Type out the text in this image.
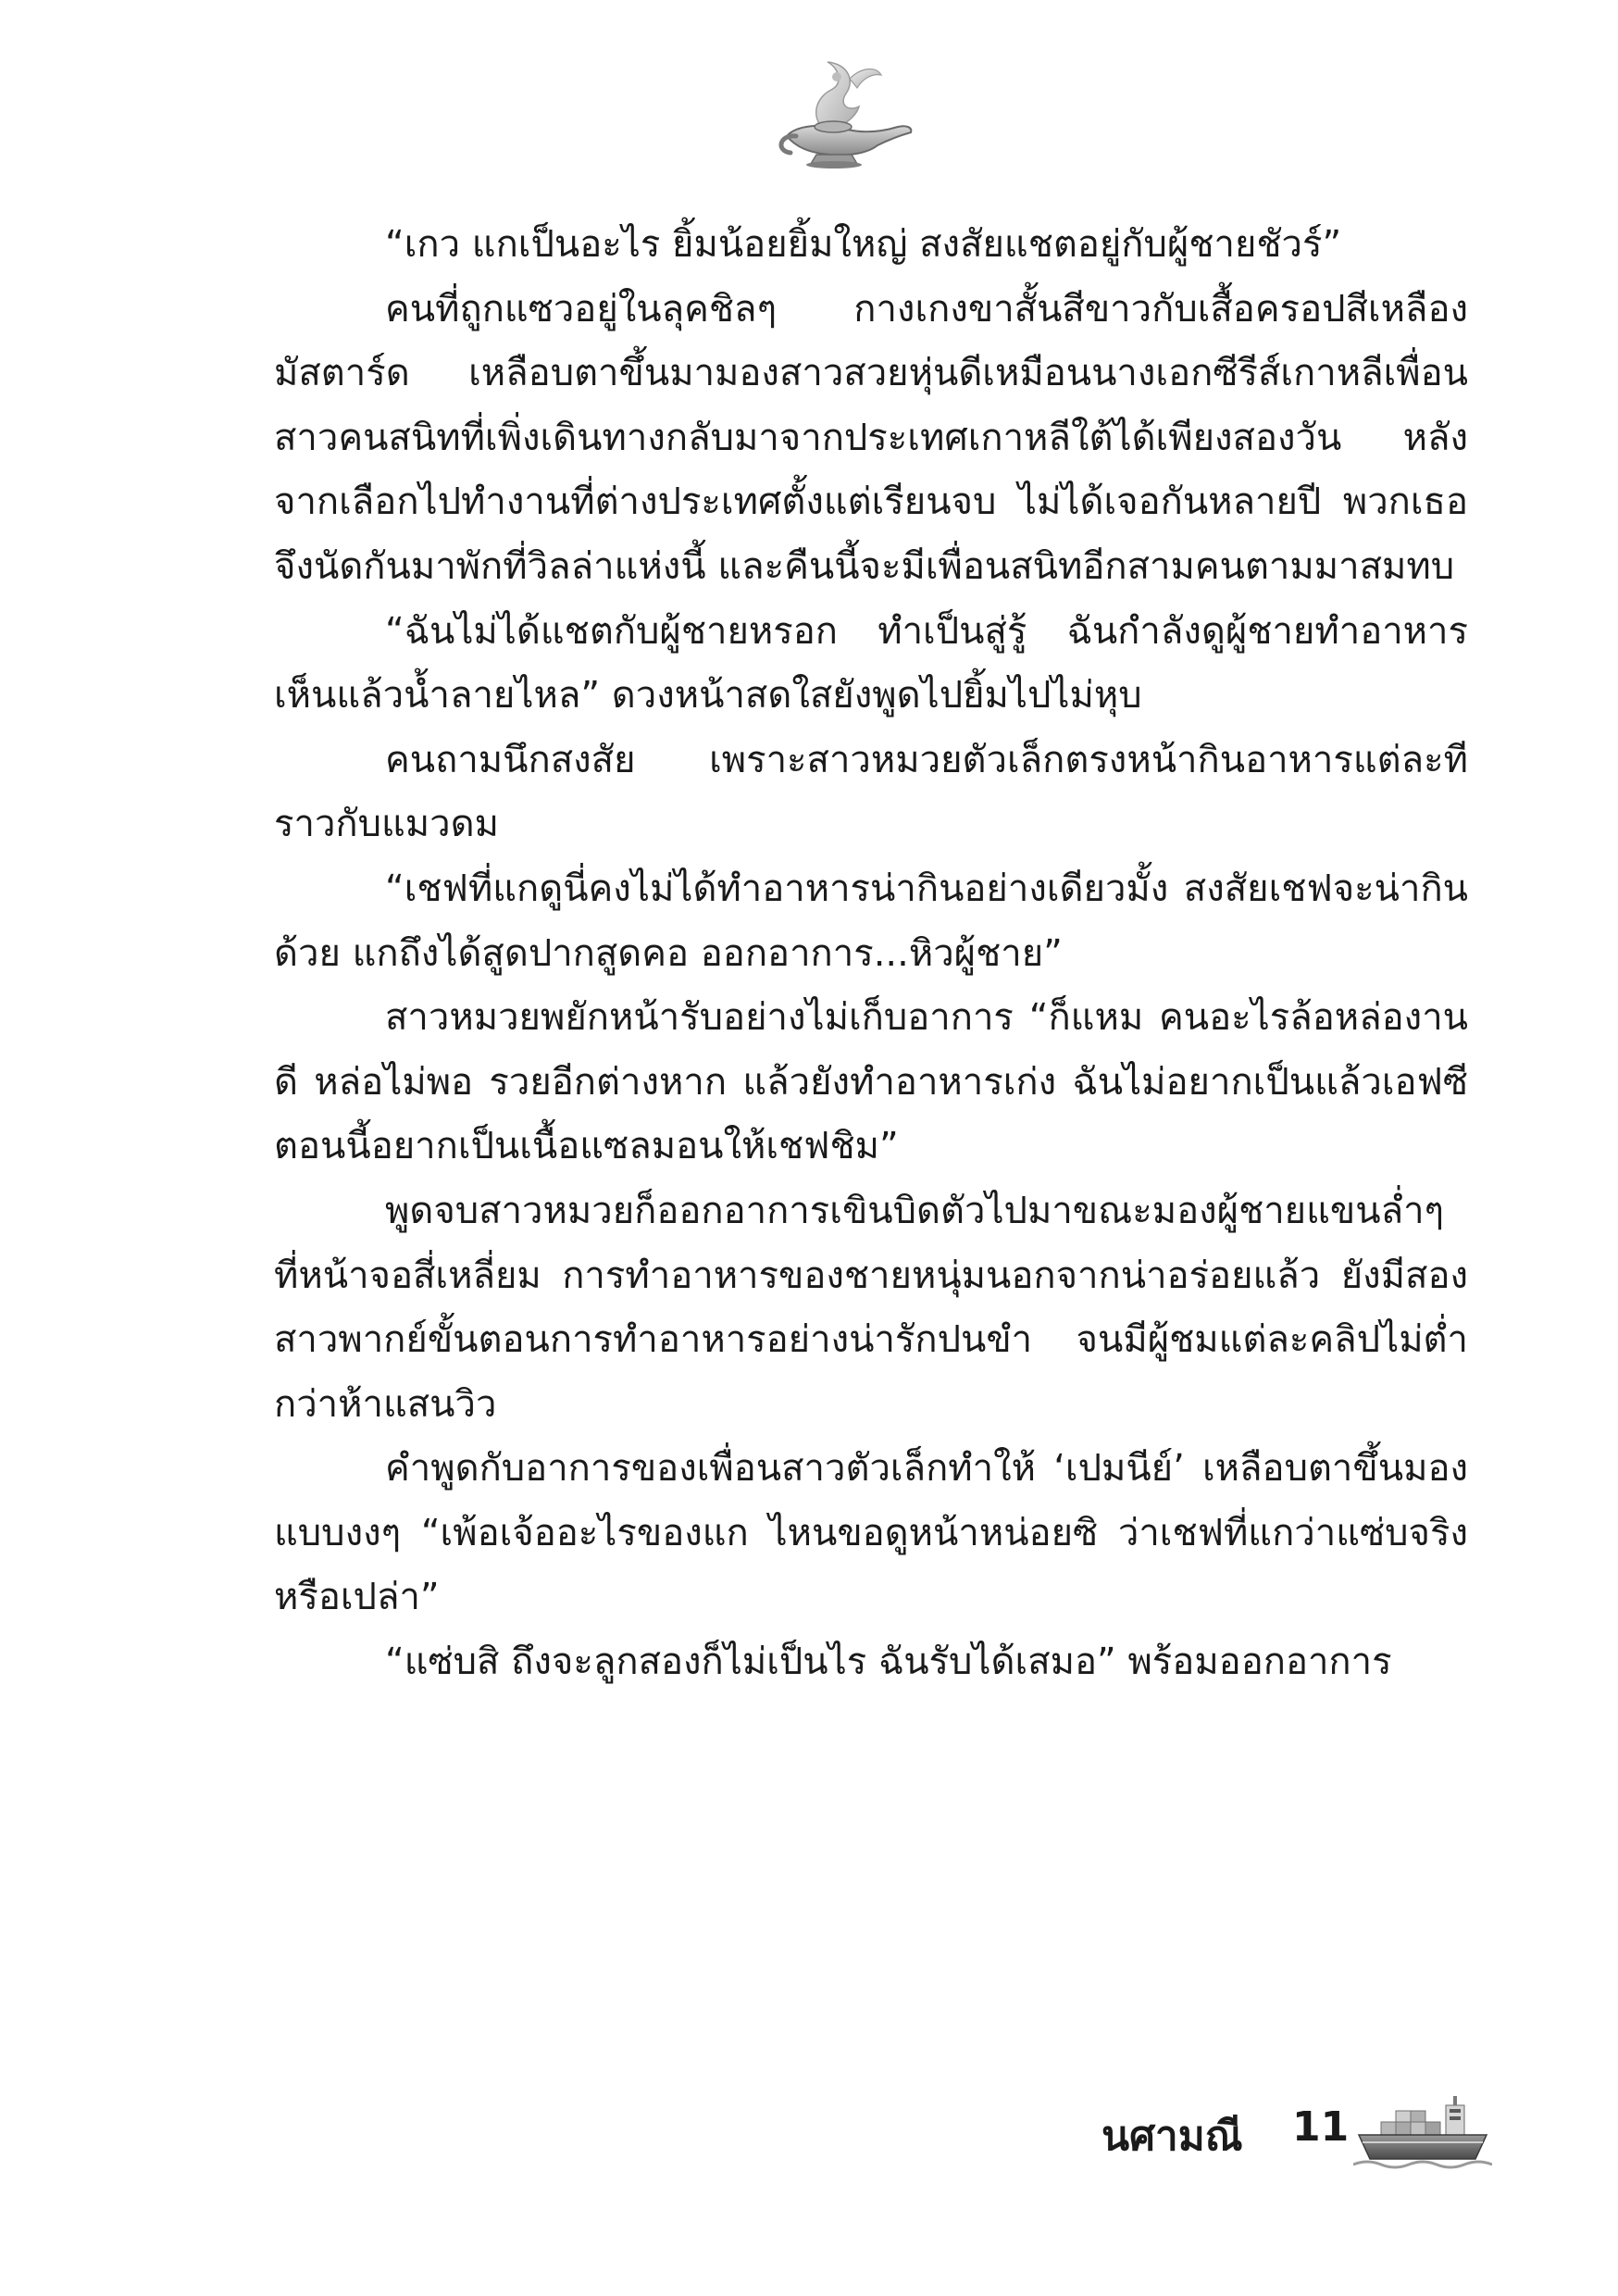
“เกว แกเป็นอะไร ยิ้มน้อยยิ้มใหญ่ สงสัยแชตอยู่กับผู้ชายชัวร์”

คนที่ถูกแซวอยู่ในลุคชิลๆ กางเกงขาสั้นสีขาวกับเสื้อครอปสีเหลืองมัสตาร์ด เหลือบตาขึ้นมามองสาวสวยหุ่นดีเหมือนนางเอกซีรีส์เกาหลีเพื่อนสาวคนสนิทที่เพิ่งเดินทางกลับมาจากประเทศเกาหลีใต้ได้เพียงสองวัน หลังจากเลือกไปทำงานที่ต่างประเทศตั้งแต่เรียนจบ ไม่ได้เจอกันหลายปี พวกเธอจึงนัดกันมาพักที่วิลล่าแห่งนี้ และคืนนี้จะมีเพื่อนสนิทอีกสามคนตามมาสมทบ

“ฉันไม่ได้แชตกับผู้ชายหรอก ทำเป็นสู่รู้ ฉันกำลังดูผู้ชายทำอาหาร เห็นแล้วน้ำลายไหล” ดวงหน้าสดใสยังพูดไปยิ้มไปไม่หุบ

คนถามนึกสงสัย เพราะสาวหมวยตัวเล็กตรงหน้ากินอาหารแต่ละทีราวกับแมวดม

“เชฟที่แกดูนี่คงไม่ได้ทำอาหารน่ากินอย่างเดียวมั้ง สงสัยเชฟจะน่ากินด้วย แกถึงได้สูดปากสูดคอ ออกอาการ...หิวผู้ชาย”

สาวหมวยพยักหน้ารับอย่างไม่เก็บอาการ “ก็แหม คนอะไรล้อหล่องานดี หล่อไม่พอ รวยอีกต่างหาก แล้วยังทำอาหารเก่ง ฉันไม่อยากเป็นแล้วเอฟซี ตอนนี้อยากเป็นเนื้อแซลมอนให้เชฟชิม”

พูดจบสาวหมวยก็ออกอาการเขินบิดตัวไปมาขณะมองผู้ชายแขนล่ำๆ ที่หน้าจอสี่เหลี่ยม การทำอาหารของชายหนุ่มนอกจากน่าอร่อยแล้ว ยังมีสองสาวพากย์ขั้นตอนการทำอาหารอย่างน่ารักปนขำ จนมีผู้ชมแต่ละคลิปไม่ต่ำกว่าห้าแสนวิว

คำพูดกับอาการของเพื่อนสาวตัวเล็กทำให้ ‘เปมนีย์’ เหลือบตาขึ้นมองแบบงงๆ “เพ้อเจ้ออะไรของแก ไหนขอดูหน้าหน่อยซิ ว่าเชฟที่แกว่าแซ่บจริงหรือเปล่า”

“แซ่บสิ ถึงจะลูกสองก็ไม่เป็นไร ฉันรับได้เสมอ” พร้อมออกอาการ

นศามณี 11
